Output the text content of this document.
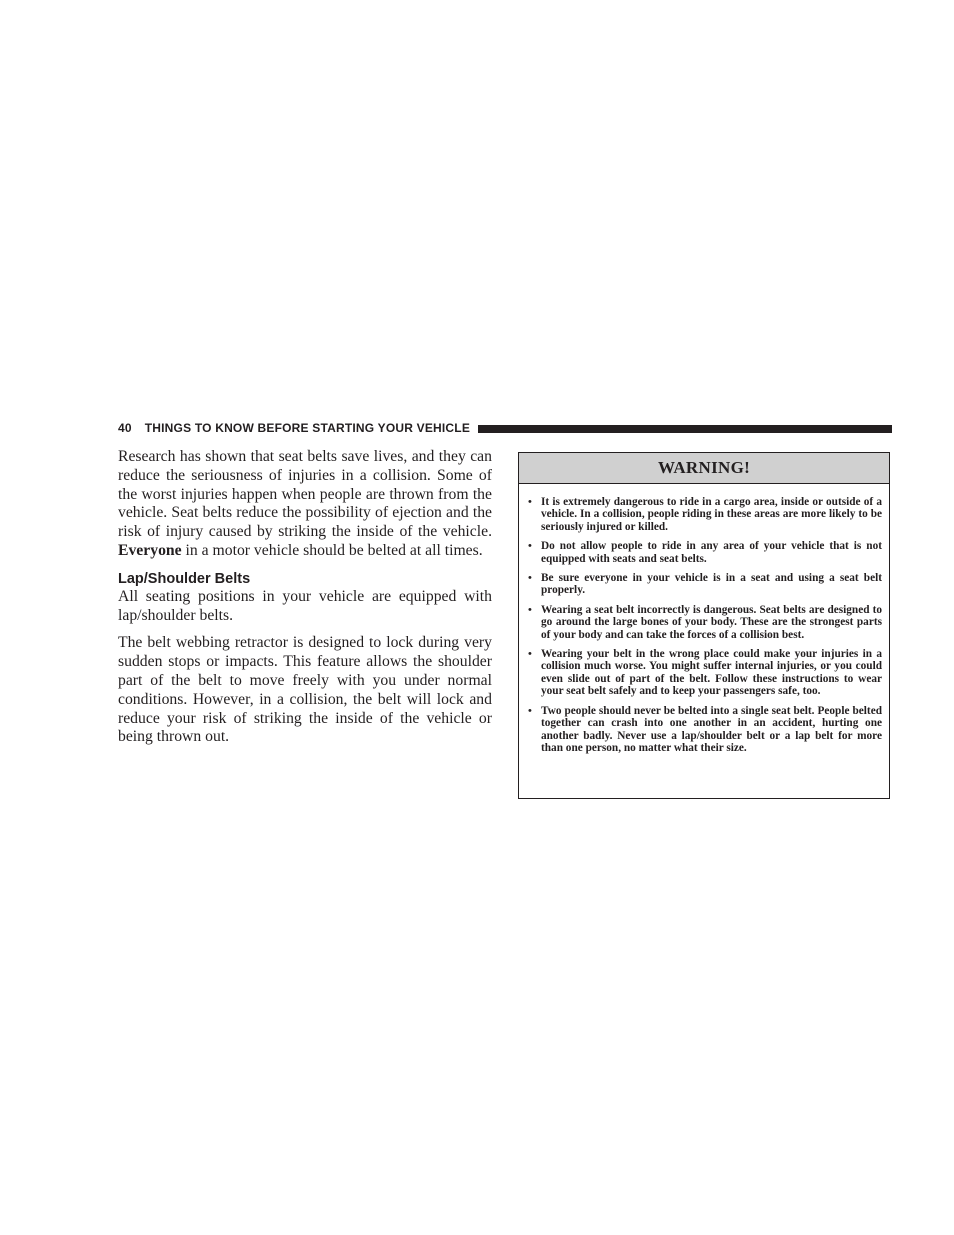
40 THINGS TO KNOW BEFORE STARTING YOUR VEHICLE

Research has shown that seat belts save lives, and they can reduce the seriousness of injuries in a collision. Some of the worst injuries happen when people are thrown from the vehicle. Seat belts reduce the possibility of ejection and the risk of injury caused by striking the inside of the vehicle. Everyone in a motor vehicle should be belted at all times.

Lap/Shoulder Belts

All seating positions in your vehicle are equipped with lap/shoulder belts.

The belt webbing retractor is designed to lock during very sudden stops or impacts. This feature allows the shoulder part of the belt to move freely with you under normal conditions. However, in a collision, the belt will lock and reduce your risk of striking the inside of the vehicle or being thrown out.

WARNING!
• It is extremely dangerous to ride in a cargo area, inside or outside of a vehicle. In a collision, people riding in these areas are more likely to be seriously injured or killed.
• Do not allow people to ride in any area of your vehicle that is not equipped with seats and seat belts.
• Be sure everyone in your vehicle is in a seat and using a seat belt properly.
• Wearing a seat belt incorrectly is dangerous. Seat belts are designed to go around the large bones of your body. These are the strongest parts of your body and can take the forces of a collision best.
• Wearing your belt in the wrong place could make your injuries in a collision much worse. You might suffer internal injuries, or you could even slide out of part of the belt. Follow these instructions to wear your seat belt safely and to keep your passengers safe, too.
• Two people should never be belted into a single seat belt. People belted together can crash into one another in an accident, hurting one another badly. Never use a lap/shoulder belt or a lap belt for more than one person, no matter what their size.
